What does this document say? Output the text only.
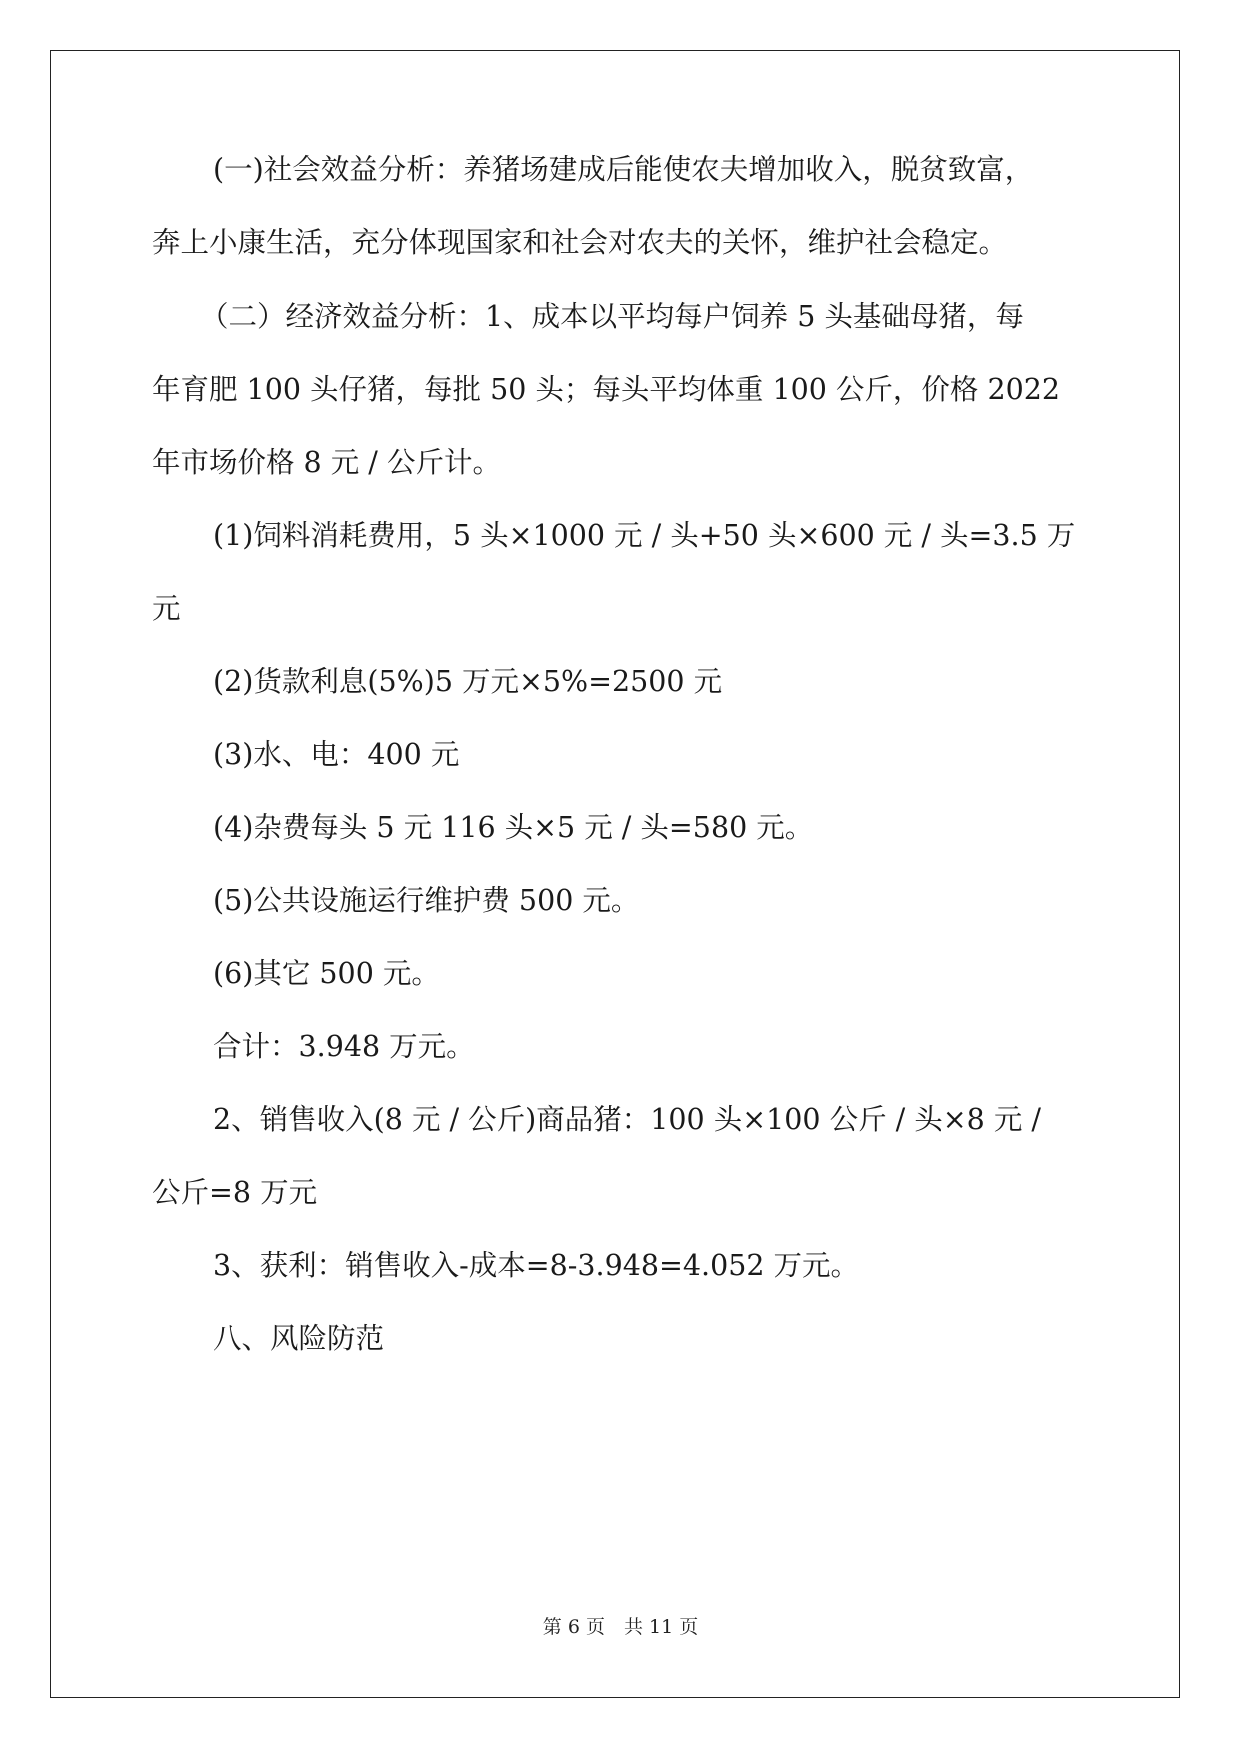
(一)社会效益分析：养猪场建成后能使农夫增加收入，脱贫致富，
奔上小康生活，充分体现国家和社会对农夫的关怀，维护社会稳定。
（二）经济效益分析：1、成本以平均每户饲养 5 头基础母猪，每
年育肥 100 头仔猪，每批 50 头；每头平均体重 100 公斤，价格 2022
年市场价格 8 元 / 公斤计。
(1)饲料消耗费用，5 头×1000 元 / 头+50 头×600 元 / 头=3.5 万
元
(2)货款利息(5%)5 万元×5%=2500 元
(3)水、电：400 元
(4)杂费每头 5 元 116 头×5 元 / 头=580 元。
(5)公共设施运行维护费 500 元。
(6)其它 500 元。
合计：3.948 万元。
2、销售收入(8 元 / 公斤)商品猪：100 头×100 公斤 / 头×8 元 /
公斤=8 万元
3、获利：销售收入-成本=8-3.948=4.052 万元。
八、风险防范
第 6 页　共 11 页
